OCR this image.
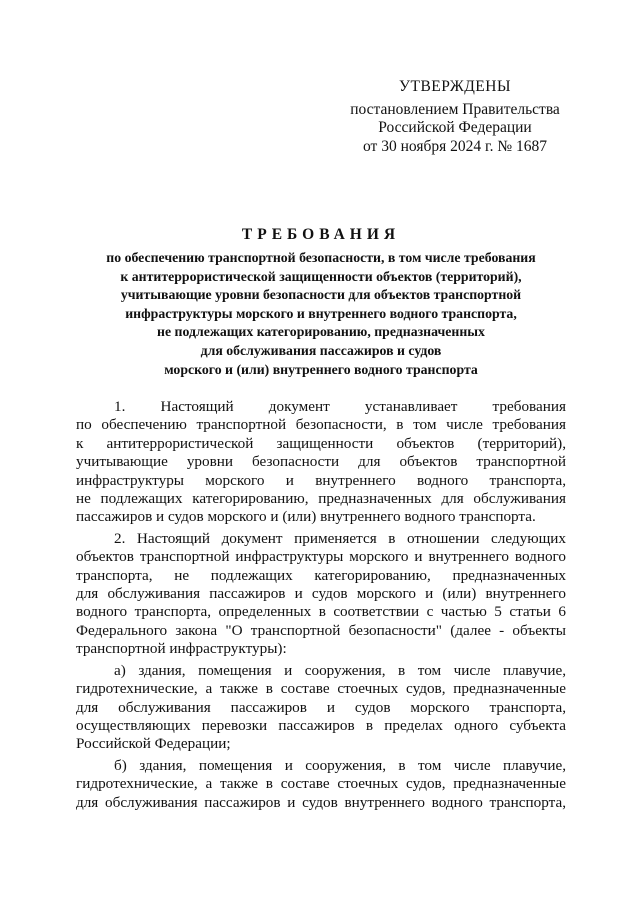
УТВЕРЖДЕНЫ
постановлением Правительства
Российской Федерации
от 30 ноября 2024 г. № 1687
ТРЕБОВАНИЯ
по обеспечению транспортной безопасности, в том числе требования
к антитеррористической защищенности объектов (территорий),
учитывающие уровни безопасности для объектов транспортной
инфраструктуры морского и внутреннего водного транспорта,
не подлежащих категорированию, предназначенных
для обслуживания пассажиров и судов
морского и (или) внутреннего водного транспорта
1. Настоящий документ устанавливает требования
по обеспечению транспортной безопасности, в том числе требования
к антитеррористической защищенности объектов (территорий),
учитывающие уровни безопасности для объектов транспортной
инфраструктуры морского и внутреннего водного транспорта,
не подлежащих категорированию, предназначенных для обслуживания
пассажиров и судов морского и (или) внутреннего водного транспорта.
2. Настоящий документ применяется в отношении следующих
объектов транспортной инфраструктуры морского и внутреннего водного
транспорта, не подлежащих категорированию, предназначенных
для обслуживания пассажиров и судов морского и (или) внутреннего
водного транспорта, определенных в соответствии с частью 5 статьи 6
Федерального закона "О транспортной безопасности" (далее - объекты
транспортной инфраструктуры):
а) здания, помещения и сооружения, в том числе плавучие,
гидротехнические, а также в составе стоечных судов, предназначенные
для обслуживания пассажиров и судов морского транспорта,
осуществляющих перевозки пассажиров в пределах одного субъекта
Российской Федерации;
б) здания, помещения и сооружения, в том числе плавучие,
гидротехнические, а также в составе стоечных судов, предназначенные
для обслуживания пассажиров и судов внутреннего водного транспорта,
